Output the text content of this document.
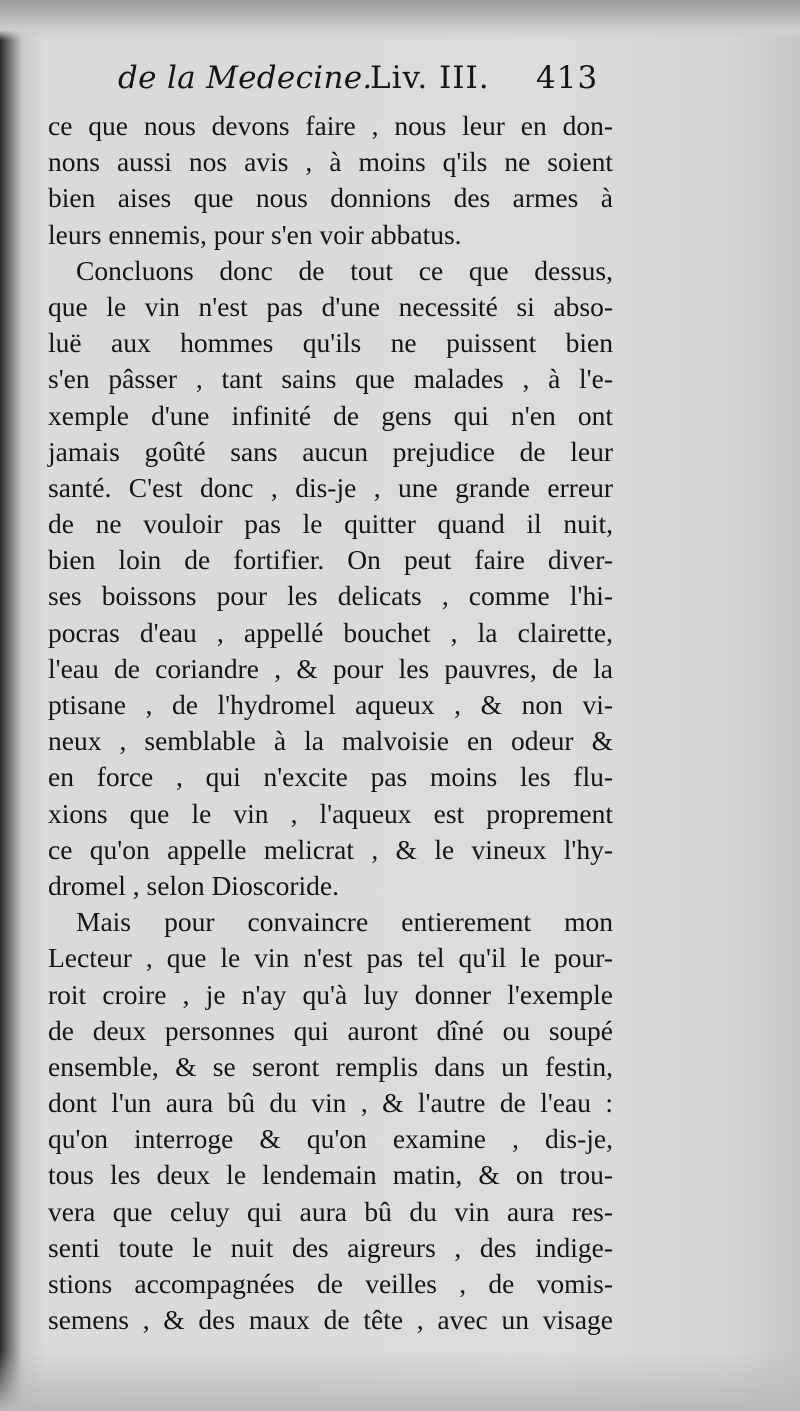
de la Medecine.
Liv. III. 413
ce que nous devons faire , nous leur en don-
nons aussi nos avis , à moins q'ils ne soient
bien aises que nous donnions des armes à
leurs ennemis, pour s'en voir abbatus.
Concluons donc de tout ce que dessus,
que le vin n'est pas d'une necessité si abso-
luë aux hommes qu'ils ne puissent bien
s'en pâsser , tant sains que malades , à l'e-
xemple d'une infinité de gens qui n'en ont
jamais goûté sans aucun prejudice de leur
santé. C'est donc , dis-je , une grande erreur
de ne vouloir pas le quitter quand il nuit,
bien loin de fortifier. On peut faire diver-
ses boissons pour les delicats , comme l'hi-
pocras d'eau , appellé bouchet , la clairette,
l'eau de coriandre , & pour les pauvres, de la
ptisane , de l'hydromel aqueux , & non vi-
neux , semblable à la malvoisie en odeur &
en force , qui n'excite pas moins les flu-
xions que le vin , l'aqueux est proprement
ce qu'on appelle melicrat , & le vineux l'hy-
dromel , selon Dioscoride.
Mais pour convaincre entierement mon
Lecteur , que le vin n'est pas tel qu'il le pour-
roit croire , je n'ay qu'à luy donner l'exemple
de deux personnes qui auront dîné ou soupé
ensemble, & se seront remplis dans un festin,
dont l'un aura bû du vin , & l'autre de l'eau :
qu'on interroge & qu'on examine , dis-je,
tous les deux le lendemain matin, & on trou-
vera que celuy qui aura bû du vin aura res-
senti toute le nuit des aigreurs , des indige-
stions accompagnées de veilles , de vomis-
semens , & des maux de tête , avec un visage
